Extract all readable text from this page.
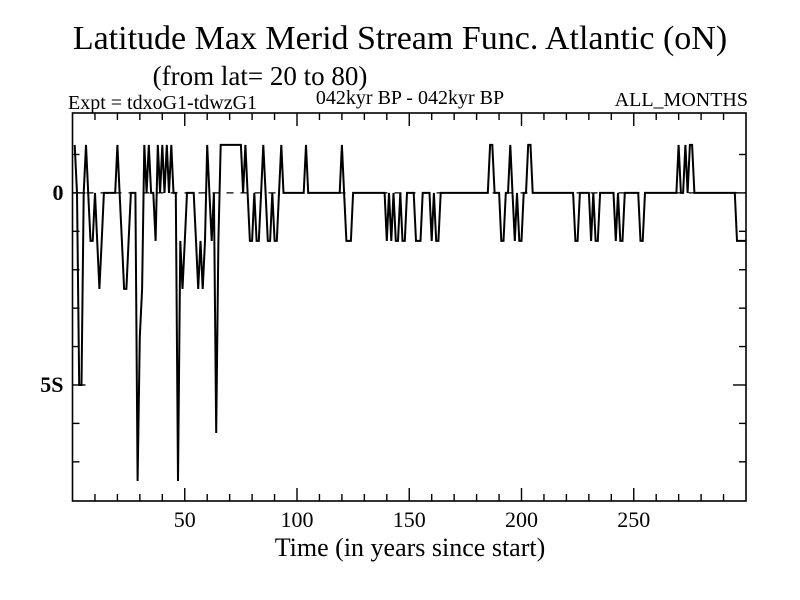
Latitude Max Merid Stream Func. Atlantic (oN)
(from lat= 20 to 80)
Expt = tdxoG1-tdwzG1	042kyr BP - 042kyr BP	ALL_MONTHS
50	100	150	200	250
0
5S
Time (in years since start)
